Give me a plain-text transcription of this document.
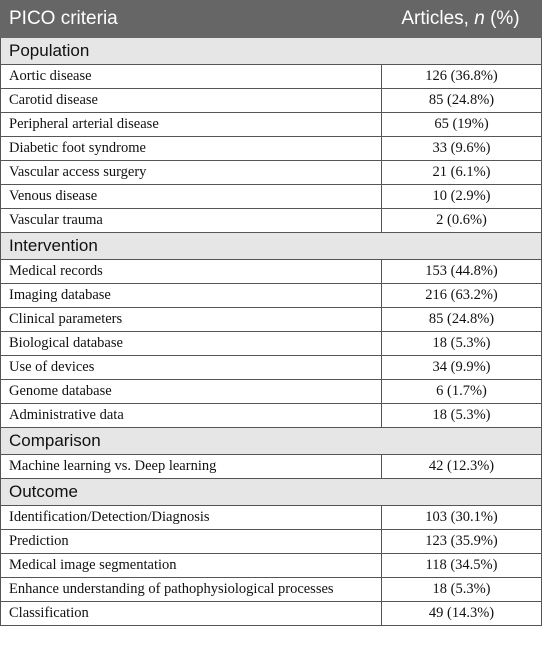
PICO criteria	Articles, n (%)
Population	
Aortic disease	126 (36.8%)
Carotid disease	85 (24.8%)
Peripheral arterial disease	65 (19%)
Diabetic foot syndrome	33 (9.6%)
Vascular access surgery	21 (6.1%)
Venous disease	10 (2.9%)
Vascular trauma	2 (0.6%)
Intervention	
Medical records	153 (44.8%)
Imaging database	216 (63.2%)
Clinical parameters	85 (24.8%)
Biological database	18 (5.3%)
Use of devices	34 (9.9%)
Genome database	6 (1.7%)
Administrative data	18 (5.3%)
Comparison	
Machine learning vs. Deep learning	42 (12.3%)
Outcome	
Identification/Detection/Diagnosis	103 (30.1%)
Prediction	123 (35.9%)
Medical image segmentation	118 (34.5%)
Enhance understanding of pathophysiological processes	18 (5.3%)
Classification	49 (14.3%)
